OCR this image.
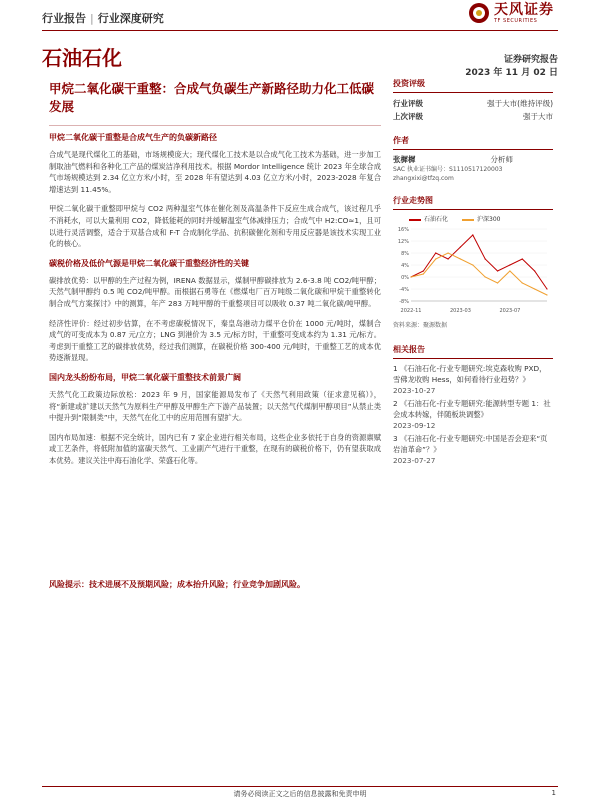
行业报告 | 行业深度研究
天风证券
TF SECURITIES
石油石化	证券研究报告
2023 年 11 月 02 日
甲烷二氧化碳干重整：合成气负碳生产新路径助力化工低碳发展
甲烷二氧化碳干重整是合成气生产的负碳新路径

合成气是现代煤化工的基础，市场规模庞大；现代煤化工技术是以合成气化工技术为基础，进一步加工制取油气燃料和各种化工产品的煤炭洁净利用技术。根据 Mordor Intelligence 统计 2023 年全球合成气市场规模达到 2.34 亿立方米/小时，至 2028 年有望达到 4.03 亿立方米/小时，2023-2028 年复合增速达到 11.45%。

甲烷二氧化碳干重整即甲烷与 CO2 两种温室气体在催化剂及高温条件下反应生成合成气，该过程几乎不消耗水，可以大量利用 CO2，降低能耗的同时并缓解温室气体减排压力；合成气中 H2:CO≈1，且可以进行灵活调整，适合于双基合成和 F-T 合成制化学品、抗积碳催化剂和专用反应器是该技术实现工业化的核心。

碳税价格及低价气源是甲烷二氧化碳干重整经济性的关键

碳排放优势：以甲醇的生产过程为例，IRENA 数据显示，煤制甲醇碳排放为 2.6-3.8 吨 CO2/吨甲醇；天然气制甲醇约 0.5 吨 CO2/吨甲醇。而根据石勇等在《燃煤电厂百万吨级二氧化碳和甲烷干重整转化制合成气方案探讨》中的测算，年产 283 万吨甲醇的干重整项目可以吸收 0.37 吨二氧化碳/吨甲醇。

经济性评价：经过初步估算，在不考虑碳税情况下，秦皇岛港动力煤平仓价在 1000 元/吨时，煤制合成气的可变成本为 0.87 元/立方；LNG 到港价为 3.5 元/标方时，干重整可变成本约为 1.31 元/标方。考虑到干重整工艺的碳排放优势，经过我们测算，在碳税价格 300-400 元/吨时，干重整工艺的成本优势逐渐显现。

国内龙头纷纷布局，甲烷二氧化碳干重整技术前景广阔

天然气化工政策边际放松：2023 年 9 月，国家能源局发布了《天然气利用政策（征求意见稿）》，将“新建或扩建以天然气为原料生产甲醇及甲醇生产下游产品装置；以天然气代煤制甲醇项目”从禁止类中提升到“限制类”中，天然气在化工中的应用范围有望扩大。

国内布局加速：根据不完全统计，国内已有 7 家企业进行相关布局，这些企业多依托于自身的资源禀赋或工艺条件，将低附加值的富碳天然气、工业副产气进行干重整，在现有的碳税价格下，仍有望获取成本优势。建议关注中海石油化学、荣盛石化等。

风险提示：技术进展不及预期风险；成本抬升风险；行业竞争加剧风险。
投资评级
行业评级	强于大市(维持评级)
上次评级	强于大市
作者
张樨樨	分析师
SAC 执业证书编号：S1110517120003
zhangxixi@tfzq.com
行业走势图
石油石化	沪深300
-8%
-4%
0%
4%
8%
12%
16%
2022-11	2023-03	2023-07
资料来源：聚源数据
相关报告
1 《石油石化-行业专题研究:埃克森收购 PXD，雪佛龙收购 Hess，如何看待行业趋势？》
2023-10-27
2 《石油石化-行业专题研究:能源转型专题 1：社会成本转嫁，伴随板块调整》
2023-09-12
3 《石油石化-行业专题研究:中国是否会迎来“页岩油革命”？》
2023-07-27
请务必阅读正文之后的信息披露和免责申明	1
